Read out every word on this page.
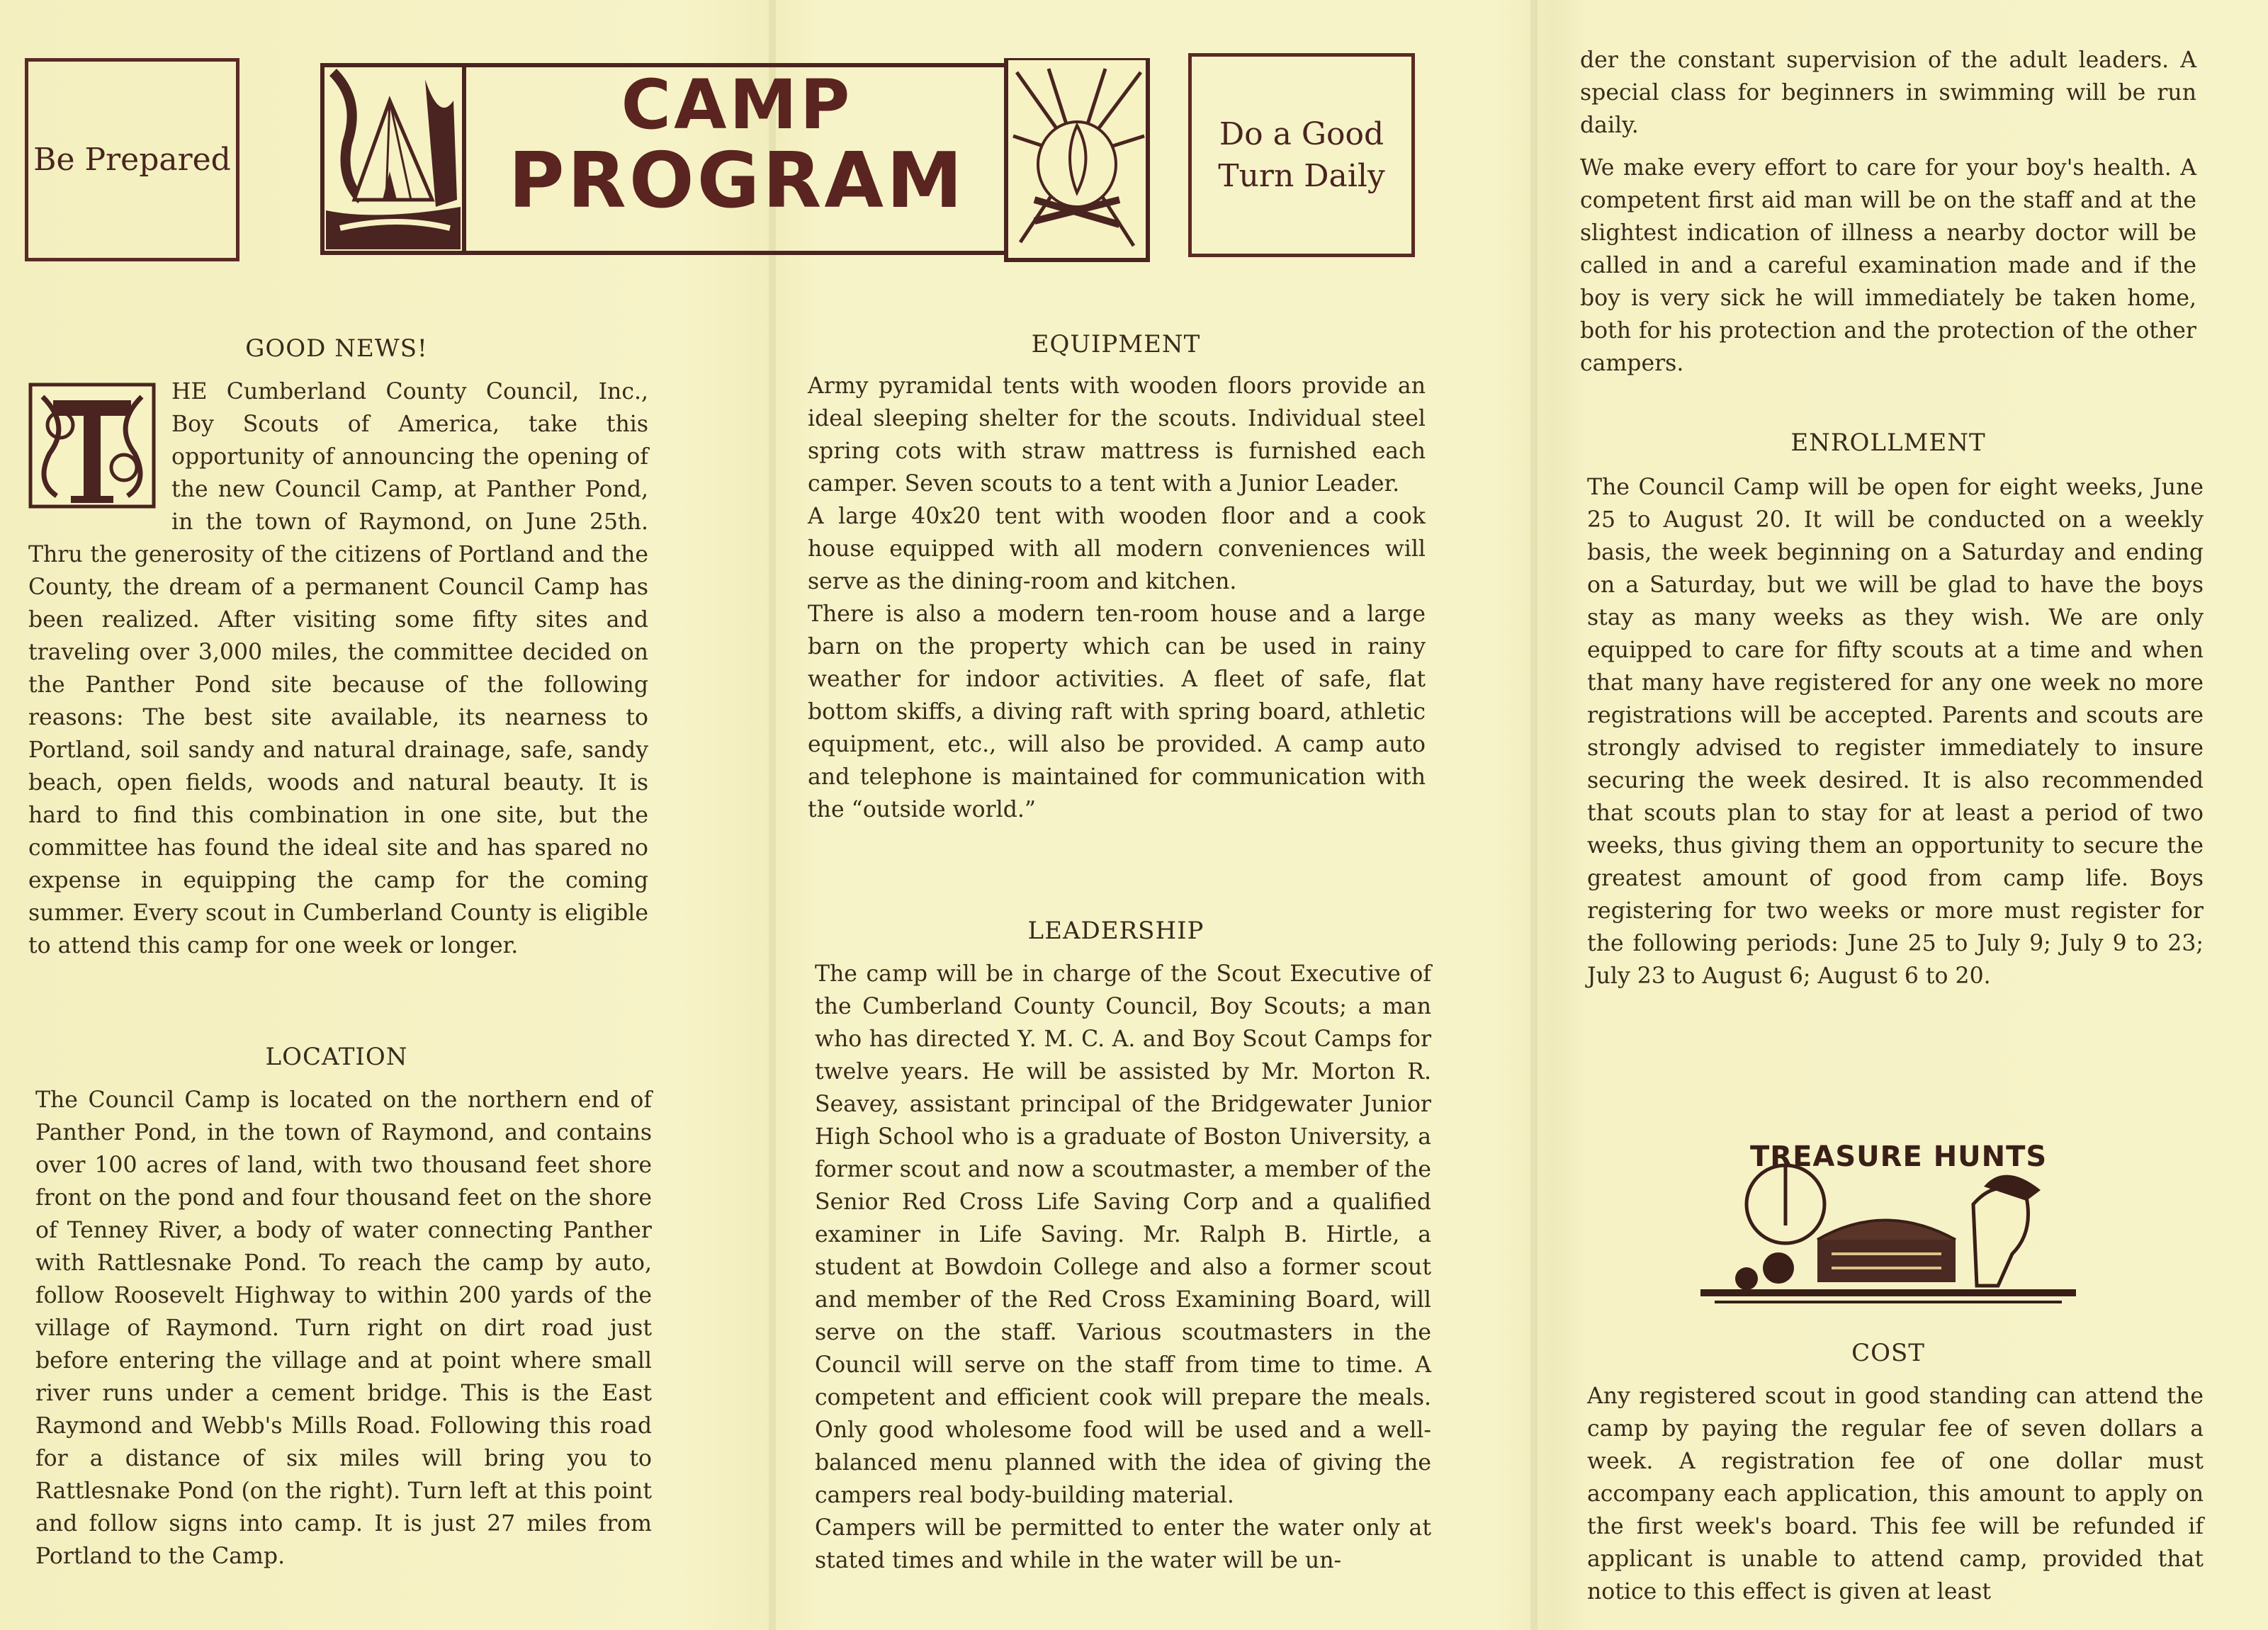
Be Prepared
CAMP
PROGRAM
Do a Good Turn Daily
GOOD NEWS!
HE Cumberland County Council, Inc., Boy Scouts of America, take this opportunity of announcing the opening of the new Council Camp, at Panther Pond, in the town of Raymond, on June 25th. Thru the generosity of the citizens of Portland and the County, the dream of a permanent Council Camp has been realized. After visiting some fifty sites and traveling over 3,000 miles, the committee decided on the Panther Pond site because of the following reasons: The best site available, its nearness to Portland, soil sandy and natural drainage, safe, sandy beach, open fields, woods and natural beauty. It is hard to find this combination in one site, but the committee has found the ideal site and has spared no expense in equipping the camp for the coming summer. Every scout in Cumberland County is eligible to attend this camp for one week or longer.
LOCATION

The Council Camp is located on the northern end of Panther Pond, in the town of Raymond, and contains over 100 acres of land, with two thousand feet shore front on the pond and four thousand feet on the shore of Tenney River, a body of water connecting Panther with Rattlesnake Pond. To reach the camp by auto, follow Roosevelt Highway to within 200 yards of the village of Raymond. Turn right on dirt road just before entering the village and at point where small river runs under a cement bridge. This is the East Raymond and Webb's Mills Road. Following this road for a distance of six miles will bring you to Rattlesnake Pond (on the right). Turn left at this point and follow signs into camp. It is just 27 miles from Portland to the Camp.

EQUIPMENT

Army pyramidal tents with wooden floors provide an ideal sleeping shelter for the scouts. Individual steel spring cots with straw mattress is furnished each camper. Seven scouts to a tent with a Junior Leader.

A large 40x20 tent with wooden floor and a cook house equipped with all modern conveniences will serve as the dining-room and kitchen.

There is also a modern ten-room house and a large barn on the property which can be used in rainy weather for indoor activities. A fleet of safe, flat bottom skiffs, a diving raft with spring board, athletic equipment, etc., will also be provided. A camp auto and telephone is maintained for communication with the “outside world.”

LEADERSHIP

The camp will be in charge of the Scout Executive of the Cumberland County Council, Boy Scouts; a man who has directed Y. M. C. A. and Boy Scout Camps for twelve years. He will be assisted by Mr. Morton R. Seavey, assistant principal of the Bridgewater Junior High School who is a graduate of Boston University, a former scout and now a scoutmaster, a member of the Senior Red Cross Life Saving Corp and a qualified examiner in Life Saving. Mr. Ralph B. Hirtle, a student at Bowdoin College and also a former scout and member of the Red Cross Examining Board, will serve on the staff. Various scoutmasters in the Council will serve on the staff from time to time. A competent and efficient cook will prepare the meals. Only good wholesome food will be used and a well-balanced menu planned with the idea of giving the campers real body-building material.

Campers will be permitted to enter the water only at stated times and while in the water will be un-

der the constant supervision of the adult leaders. A special class for beginners in swimming will be run daily.

We make every effort to care for your boy's health. A competent first aid man will be on the staff and at the slightest indication of illness a nearby doctor will be called in and a careful examination made and if the boy is very sick he will immediately be taken home, both for his protection and the protection of the other campers.

ENROLLMENT

The Council Camp will be open for eight weeks, June 25 to August 20. It will be conducted on a weekly basis, the week beginning on a Saturday and ending on a Saturday, but we will be glad to have the boys stay as many weeks as they wish. We are only equipped to care for fifty scouts at a time and when that many have registered for any one week no more registrations will be accepted. Parents and scouts are strongly advised to register immediately to insure securing the week desired. It is also recommended that scouts plan to stay for at least a period of two weeks, thus giving them an opportunity to secure the greatest amount of good from camp life. Boys registering for two weeks or more must register for the following periods: June 25 to July 9; July 9 to 23; July 23 to August 6; August 6 to 20.

TREASURE HUNTS
COST

Any registered scout in good standing can attend the camp by paying the regular fee of seven dollars a week. A registration fee of one dollar must accompany each application, this amount to apply on the first week's board. This fee will be refunded if applicant is unable to attend camp, provided that notice to this effect is given at least
